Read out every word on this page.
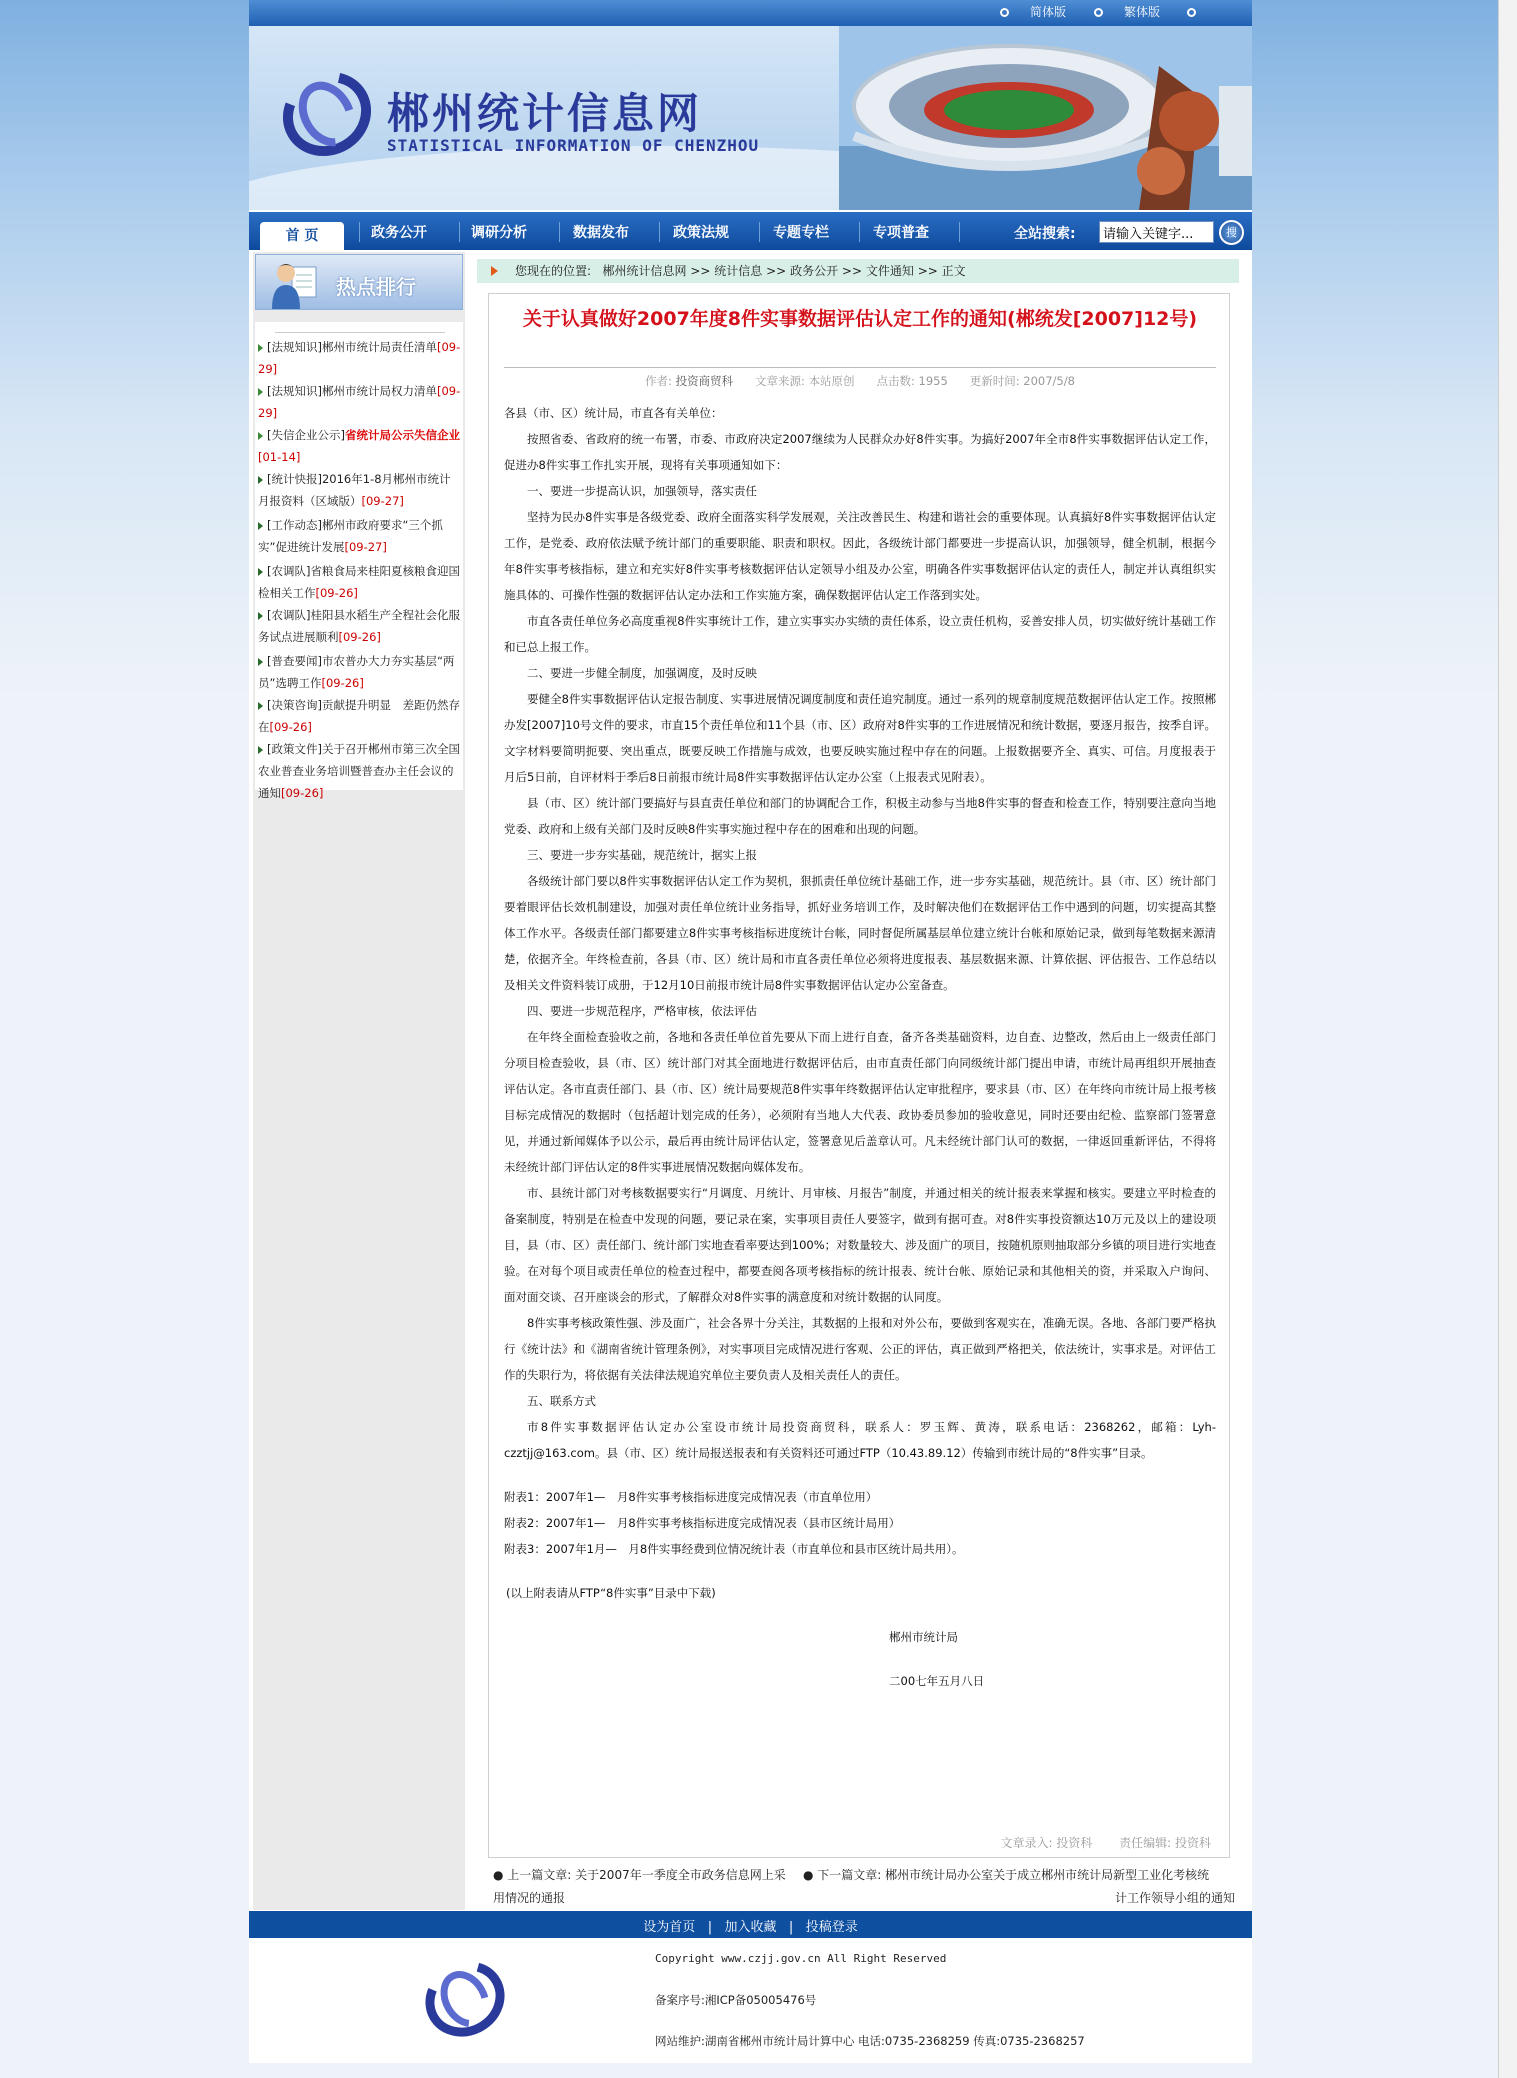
简体版	繁体版
郴州统计信息网
STATISTICAL INFORMATION OF CHENZHOU
首 页	政务公开	调研分析	数据发布	政策法规	专题专栏	专项普查	全站搜索:
请输入关键字...	搜
热点排行
[法规知识]郴州市统计局责任清单[09-29]
[法规知识]郴州市统计局权力清单[09-29]
[失信企业公示]省统计局公示失信企业[01-14]
[统计快报]2016年1-8月郴州市统计月报资料（区域版）[09-27]
[工作动态]郴州市政府要求“三个抓实”促进统计发展[09-27]
[农调队]省粮食局来桂阳夏核粮食迎国检相关工作[09-26]
[农调队]桂阳县水稻生产全程社会化服务试点进展顺利[09-26]
[普查要闻]市农普办大力夯实基层“两员”选聘工作[09-26]
[决策咨询]贡献提升明显　差距仍然存在[09-26]
[政策文件]关于召开郴州市第三次全国农业普查业务培训暨普查办主任会议的通知[09-26]
您现在的位置: 郴州统计信息网 >> 统计信息 >> 政务公开 >> 文件通知 >> 正文
关于认真做好2007年度8件实事数据评估认定工作的通知(郴统发[2007]12号)
作者: 投资商贸科 文章来源: 本站原创 点击数: 1955 更新时间: 2007/5/8

各县（市、区）统计局，市直各有关单位：

按照省委、省政府的统一布署，市委、市政府决定2007继续为人民群众办好8件实事。为搞好2007年全市8件实事数据评估认定工作，促进办8件实事工作扎实开展，现将有关事项通知如下：

一、要进一步提高认识，加强领导，落实责任

坚持为民办8件实事是各级党委、政府全面落实科学发展观，关注改善民生、构建和谐社会的重要体现。认真搞好8件实事数据评估认定工作，是党委、政府依法赋予统计部门的重要职能、职责和职权。因此，各级统计部门都要进一步提高认识，加强领导，健全机制，根据今年8件实事考核指标，建立和充实好8件实事考核数据评估认定领导小组及办公室，明确各件实事数据评估认定的责任人，制定并认真组织实施具体的、可操作性强的数据评估认定办法和工作实施方案，确保数据评估认定工作落到实处。

市直各责任单位务必高度重视8件实事统计工作，建立实事实办实绩的责任体系，设立责任机构，妥善安排人员，切实做好统计基础工作和已总上报工作。

二、要进一步健全制度，加强调度，及时反映

要健全8件实事数据评估认定报告制度、实事进展情况调度制度和责任追究制度。通过一系列的规章制度规范数据评估认定工作。按照郴办发[2007]10号文件的要求，市直15个责任单位和11个县（市、区）政府对8件实事的工作进展情况和统计数据，要逐月报告，按季自评。文字材料要简明扼要、突出重点，既要反映工作措施与成效，也要反映实施过程中存在的问题。上报数据要齐全、真实、可信。月度报表于月后5日前，自评材料于季后8日前报市统计局8件实事数据评估认定办公室（上报表式见附表）。

县（市、区）统计部门要搞好与县直责任单位和部门的协调配合工作，积极主动参与当地8件实事的督查和检查工作，特别要注意向当地党委、政府和上级有关部门及时反映8件实事实施过程中存在的困难和出现的问题。

三、要进一步夯实基础，规范统计，据实上报

各级统计部门要以8件实事数据评估认定工作为契机，狠抓责任单位统计基础工作，进一步夯实基础，规范统计。县（市、区）统计部门要着眼评估长效机制建设，加强对责任单位统计业务指导，抓好业务培训工作，及时解决他们在数据评估工作中遇到的问题，切实提高其整体工作水平。各级责任部门都要建立8件实事考核指标进度统计台帐，同时督促所属基层单位建立统计台帐和原始记录，做到每笔数据来源清楚，依据齐全。年终检查前，各县（市、区）统计局和市直各责任单位必须将进度报表、基层数据来源、计算依据、评估报告、工作总结以及相关文件资料装订成册，于12月10日前报市统计局8件实事数据评估认定办公室备查。

四、要进一步规范程序，严格审核，依法评估

在年终全面检查验收之前，各地和各责任单位首先要从下而上进行自查，备齐各类基础资料，边自查、边整改，然后由上一级责任部门分项目检查验收，县（市、区）统计部门对其全面地进行数据评估后，由市直责任部门向同级统计部门提出申请，市统计局再组织开展抽查评估认定。各市直责任部门、县（市、区）统计局要规范8件实事年终数据评估认定审批程序，要求县（市、区）在年终向市统计局上报考核目标完成情况的数据时（包括超计划完成的任务），必须附有当地人大代表、政协委员参加的验收意见，同时还要由纪检、监察部门签署意见，并通过新闻媒体予以公示，最后再由统计局评估认定，签署意见后盖章认可。凡未经统计部门认可的数据，一律返回重新评估，不得将未经统计部门评估认定的8件实事进展情况数据向媒体发布。

市、县统计部门对考核数据要实行“月调度、月统计、月审核、月报告”制度，并通过相关的统计报表来掌握和核实。要建立平时检查的备案制度，特别是在检查中发现的问题，要记录在案，实事项目责任人要签字，做到有据可查。对8件实事投资额达10万元及以上的建设项目，县（市、区）责任部门、统计部门实地查看率要达到100%；对数量较大、涉及面广的项目，按随机原则抽取部分乡镇的项目进行实地查验。在对每个项目或责任单位的检查过程中，都要查阅各项考核指标的统计报表、统计台帐、原始记录和其他相关的资，并采取入户询问、面对面交谈、召开座谈会的形式，了解群众对8件实事的满意度和对统计数据的认同度。

8件实事考核政策性强、涉及面广，社会各界十分关注，其数据的上报和对外公布，要做到客观实在，准确无误。各地、各部门要严格执行《统计法》和《湖南省统计管理条例》，对实事项目完成情况进行客观、公正的评估，真正做到严格把关，依法统计，实事求是。对评估工作的失职行为，将依据有关法律法规追究单位主要负责人及相关责任人的责任。

五、联系方式

市8件实事数据评估认定办公室设市统计局投资商贸科，联系人：罗玉辉、黄涛，联系电话：2368262，邮箱：Lyh-czztjj@163.com。县（市、区）统计局报送报表和有关资料还可通过FTP（10.43.89.12）传输到市统计局的“8件实事”目录。

附表1：2007年1—　月8件实事考核指标进度完成情况表（市直单位用）

附表2：2007年1—　月8件实事考核指标进度完成情况表（县市区统计局用）

附表3：2007年1月—　月8件实事经费到位情况统计表（市直单位和县市区统计局共用）。

(以上附表请从FTP“8件实事”目录中下载)

郴州市统计局

二00七年五月八日

文章录入: 投资科 责任编辑: 投资科
● 上一篇文章: 关于2007年一季度全市政务信息网上采 ● 下一篇文章: 郴州市统计局办公室关于成立郴州市统计局新型工业化考核统
用情况的通报	计工作领导小组的通知
设为首页   |   加入收藏   |   投稿登录
Copyright www.czjj.gov.cn All Right Reserved
备案序号:湘ICP备05005476号
网站维护:湖南省郴州市统计局计算中心 电话:0735-2368259 传真:0735-2368257
